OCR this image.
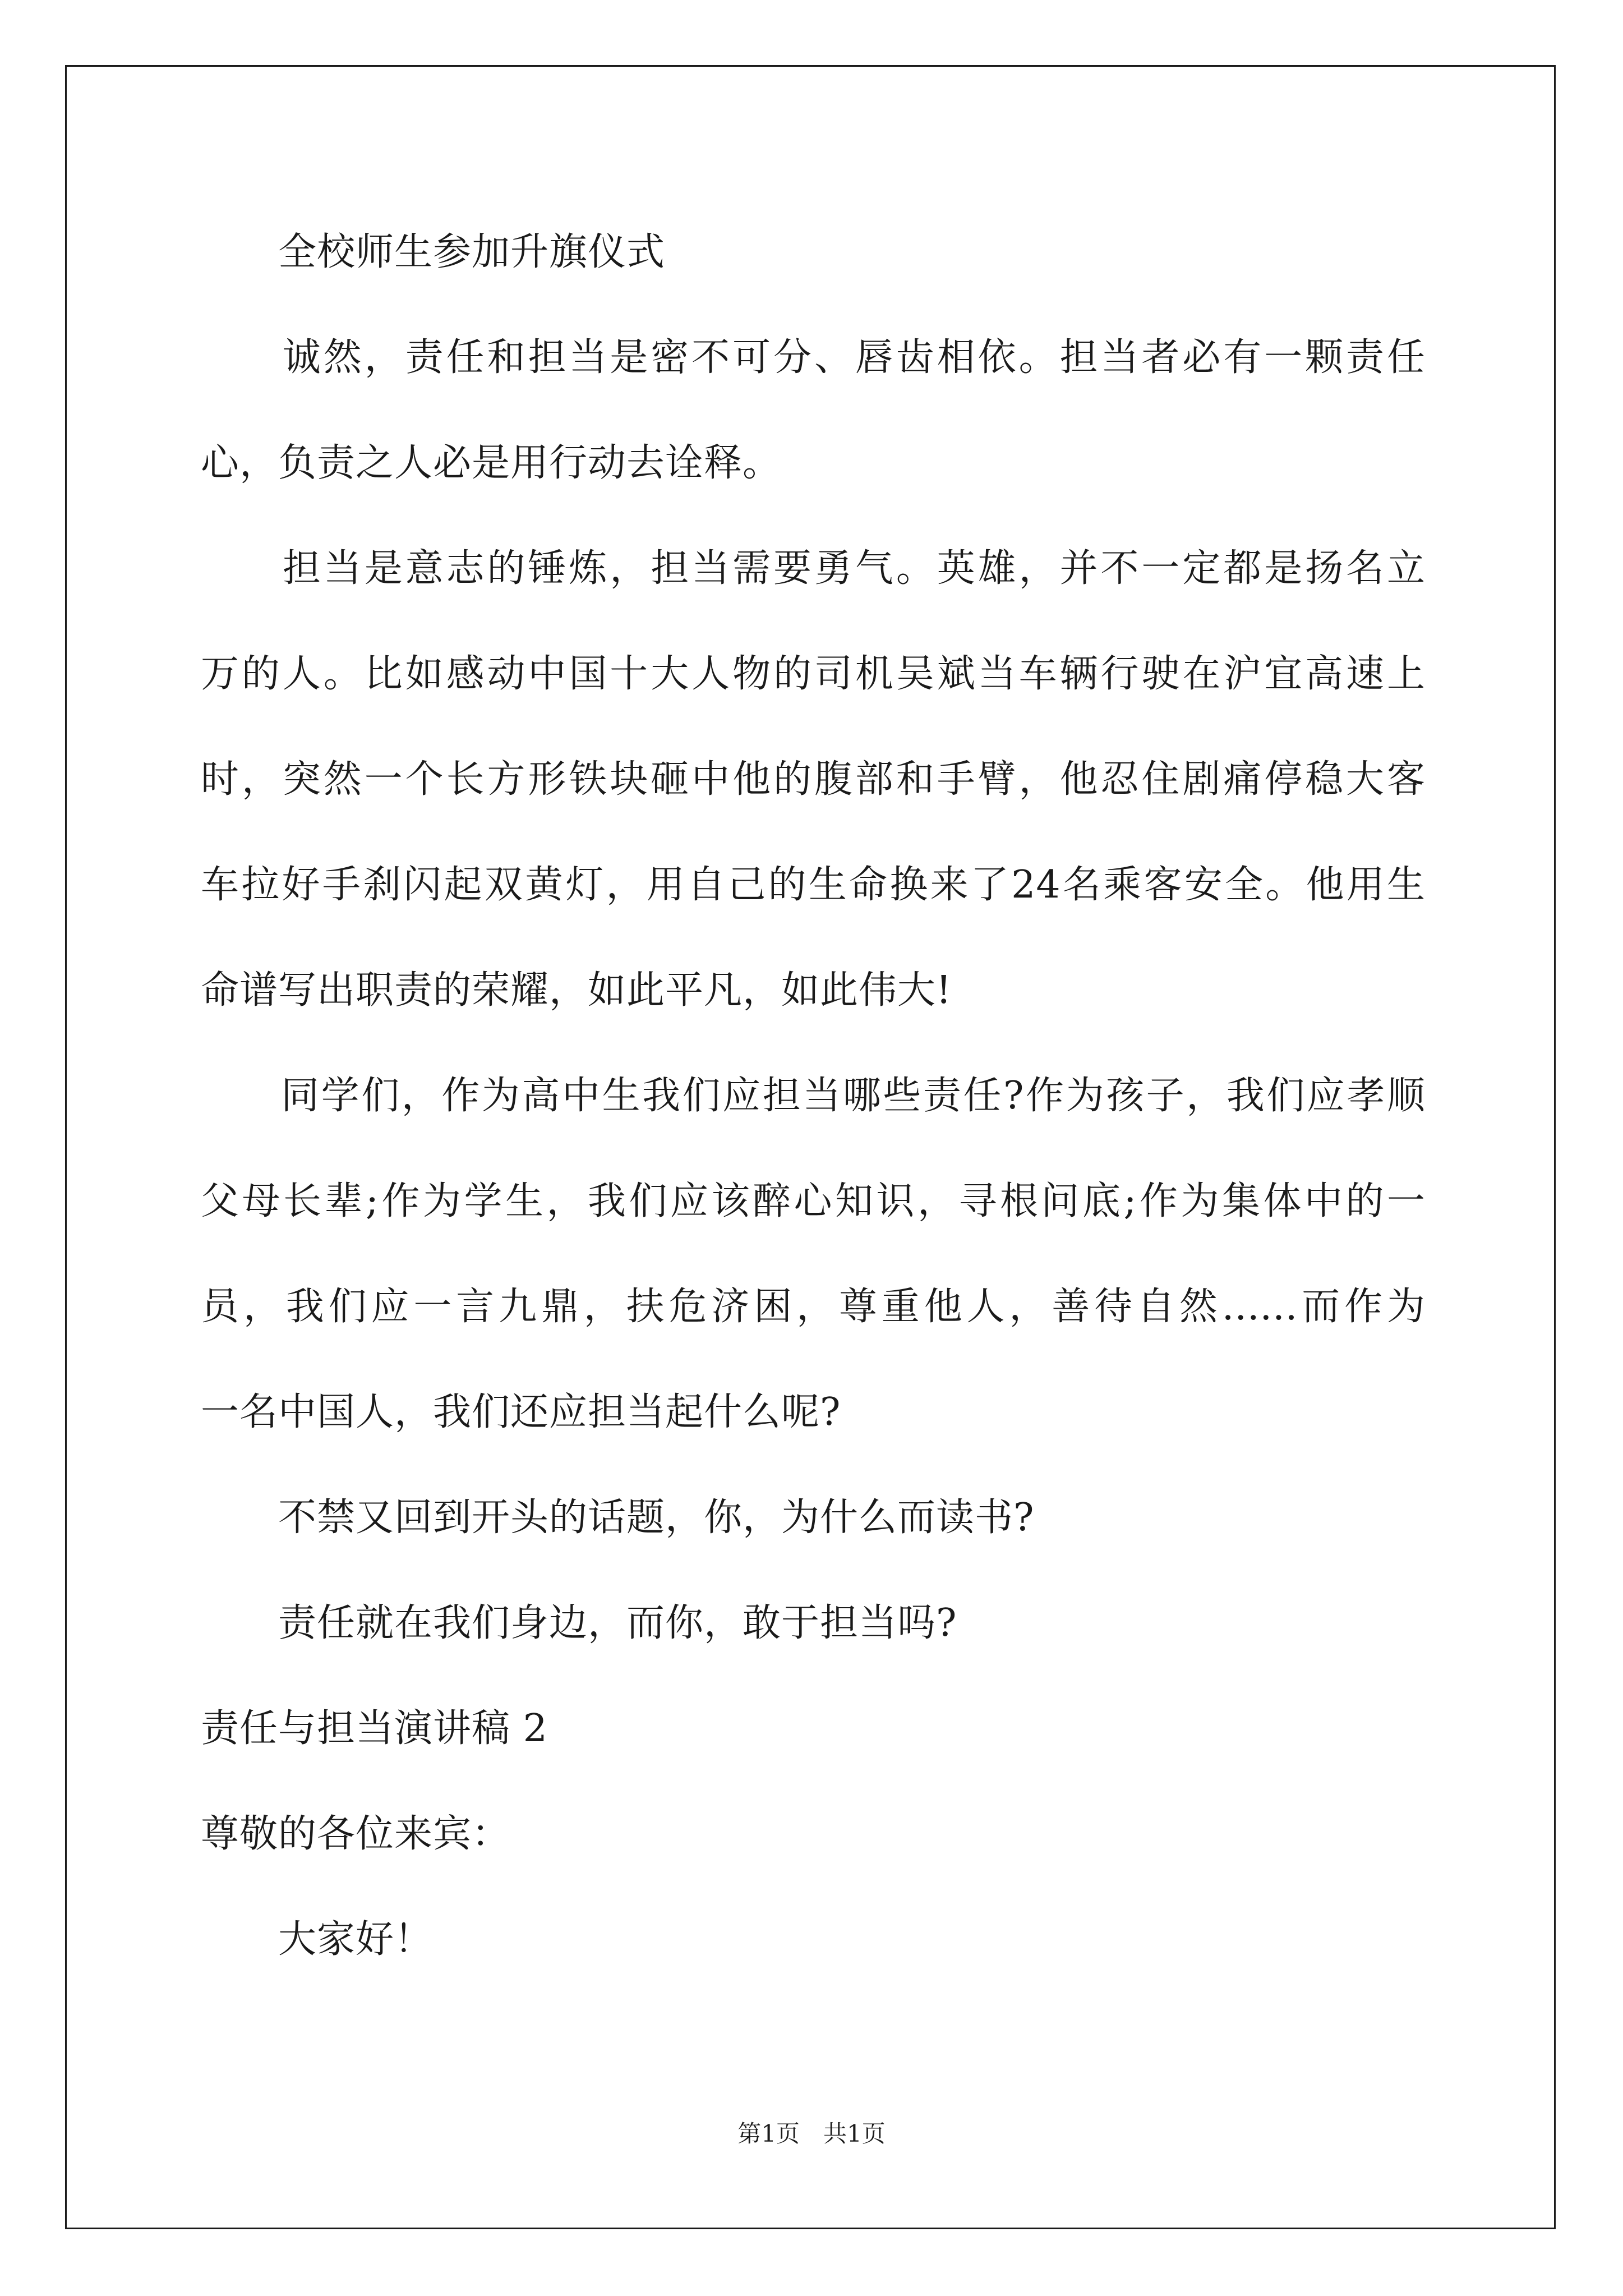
　　全校师生参加升旗仪式
　　诚然，责任和担当是密不可分、唇齿相依。担当者必有一颗责任
心，负责之人必是用行动去诠释。
　　担当是意志的锤炼，担当需要勇气。英雄，并不一定都是扬名立
万的人。比如感动中国十大人物的司机吴斌当车辆行驶在沪宜高速上
时，突然一个长方形铁块砸中他的腹部和手臂，他忍住剧痛停稳大客
车拉好手刹闪起双黄灯，用自己的生命换来了24名乘客安全。他用生
命谱写出职责的荣耀，如此平凡，如此伟大!
　　同学们，作为高中生我们应担当哪些责任?作为孩子，我们应孝顺
父母长辈;作为学生，我们应该醉心知识，寻根问底;作为集体中的一
员，我们应一言九鼎，扶危济困，尊重他人，善待自然......而作为
一名中国人，我们还应担当起什么呢?
　　不禁又回到开头的话题，你，为什么而读书?
　　责任就在我们身边，而你，敢于担当吗?
责任与担当演讲稿 2
尊敬的各位来宾：
　　大家好！
第1页　共1页
